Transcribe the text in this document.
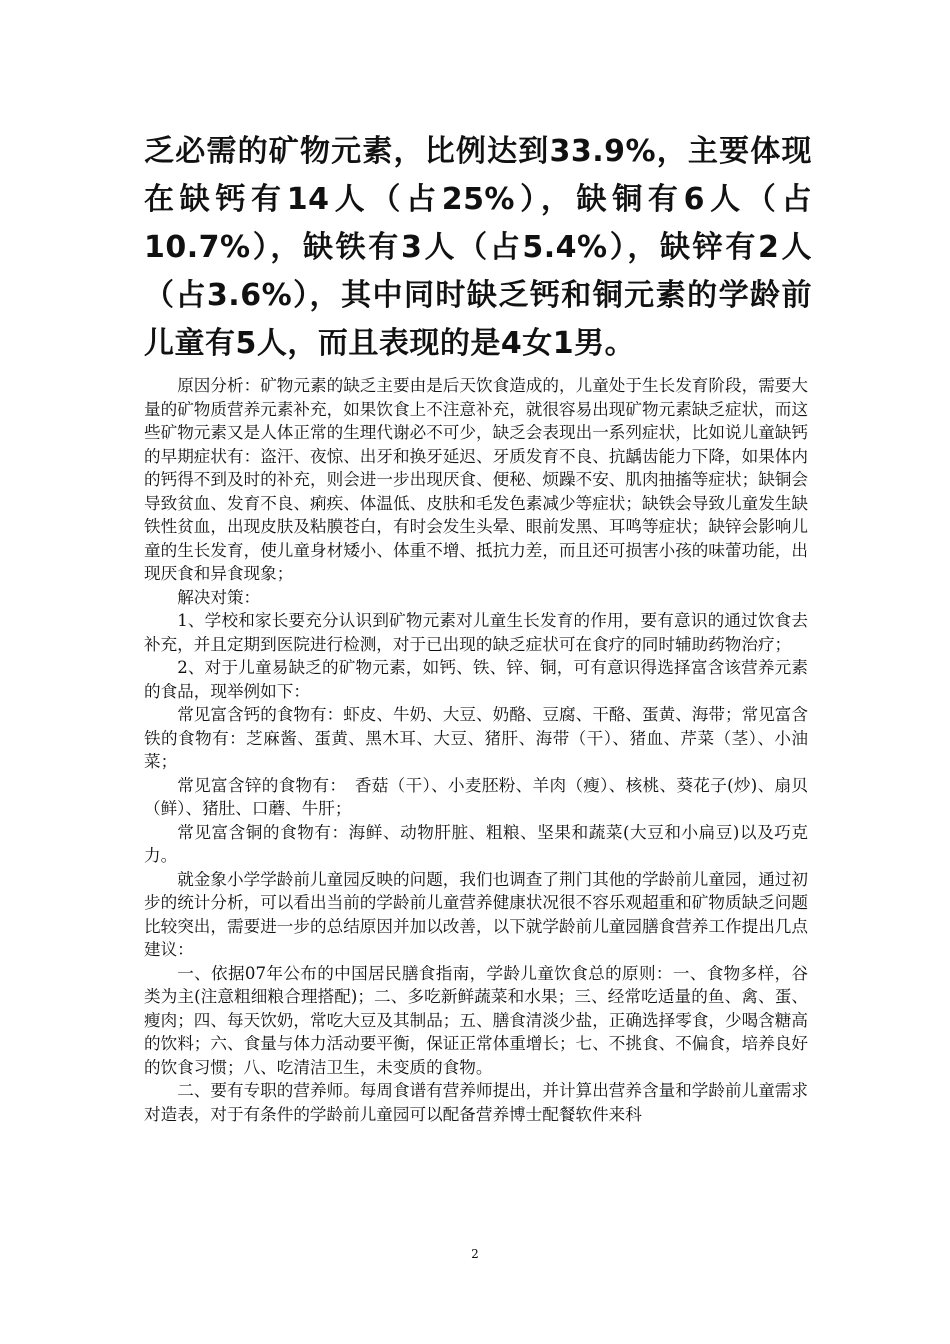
乏必需的矿物元素，比例达到33.9%，主要体现在缺钙有14人（占25%），缺铜有6人（占10.7%），缺铁有3人（占5.4%），缺锌有2人（占3.6%），其中同时缺乏钙和铜元素的学龄前儿童有5人，而且表现的是4女1男。

原因分析：矿物元素的缺乏主要由是后天饮食造成的，儿童处于生长发育阶段，需要大量的矿物质营养元素补充，如果饮食上不注意补充，就很容易出现矿物元素缺乏症状，而这些矿物元素又是人体正常的生理代谢必不可少，缺乏会表现出一系列症状，比如说儿童缺钙的早期症状有：盗汗、夜惊、出牙和换牙延迟、牙质发育不良、抗龋齿能力下降，如果体内的钙得不到及时的补充，则会进一步出现厌食、便秘、烦躁不安、肌肉抽搐等症状；缺铜会导致贫血、发育不良、痢疾、体温低、皮肤和毛发色素减少等症状；缺铁会导致儿童发生缺铁性贫血，出现皮肤及粘膜苍白，有时会发生头晕、眼前发黑、耳鸣等症状；缺锌会影响儿童的生长发育，使儿童身材矮小、体重不增、抵抗力差，而且还可损害小孩的味蕾功能，出现厌食和异食现象；

解决对策：

1、学校和家长要充分认识到矿物元素对儿童生长发育的作用，要有意识的通过饮食去补充，并且定期到医院进行检测，对于已出现的缺乏症状可在食疗的同时辅助药物治疗；

2、对于儿童易缺乏的矿物元素，如钙、铁、锌、铜，可有意识得选择富含该营养元素的食品，现举例如下：

常见富含钙的食物有：虾皮、牛奶、大豆、奶酪、豆腐、干酪、蛋黄、海带；常见富含铁的食物有：芝麻酱、蛋黄、黑木耳、大豆、猪肝、海带（干）、猪血、芹菜（茎）、小油菜；

常见富含锌的食物有：　香菇（干）、小麦胚粉、羊肉（瘦）、核桃、葵花子(炒)、扇贝（鲜）、猪肚、口蘑、牛肝；

常见富含铜的食物有：海鲜、动物肝脏、粗粮、坚果和蔬菜(大豆和小扁豆)以及巧克力。

就金象小学学龄前儿童园反映的问题，我们也调查了荆门其他的学龄前儿童园，通过初步的统计分析，可以看出当前的学龄前儿童营养健康状况很不容乐观超重和矿物质缺乏问题比较突出，需要进一步的总结原因并加以改善，以下就学龄前儿童园膳食营养工作提出几点建议：

一、依据07年公布的中国居民膳食指南，学龄儿童饮食总的原则：一、食物多样，谷类为主(注意粗细粮合理搭配)；二、多吃新鲜蔬菜和水果；三、经常吃适量的鱼、禽、蛋、瘦肉；四、每天饮奶，常吃大豆及其制品；五、膳食清淡少盐，正确选择零食，少喝含糖高的饮料；六、食量与体力活动要平衡，保证正常体重增长；七、不挑食、不偏食，培养良好的饮食习惯；八、吃清洁卫生，未变质的食物。

二、要有专职的营养师。每周食谱有营养师提出，并计算出营养含量和学龄前儿童需求对造表，对于有条件的学龄前儿童园可以配备营养博士配餐软件来科

2
